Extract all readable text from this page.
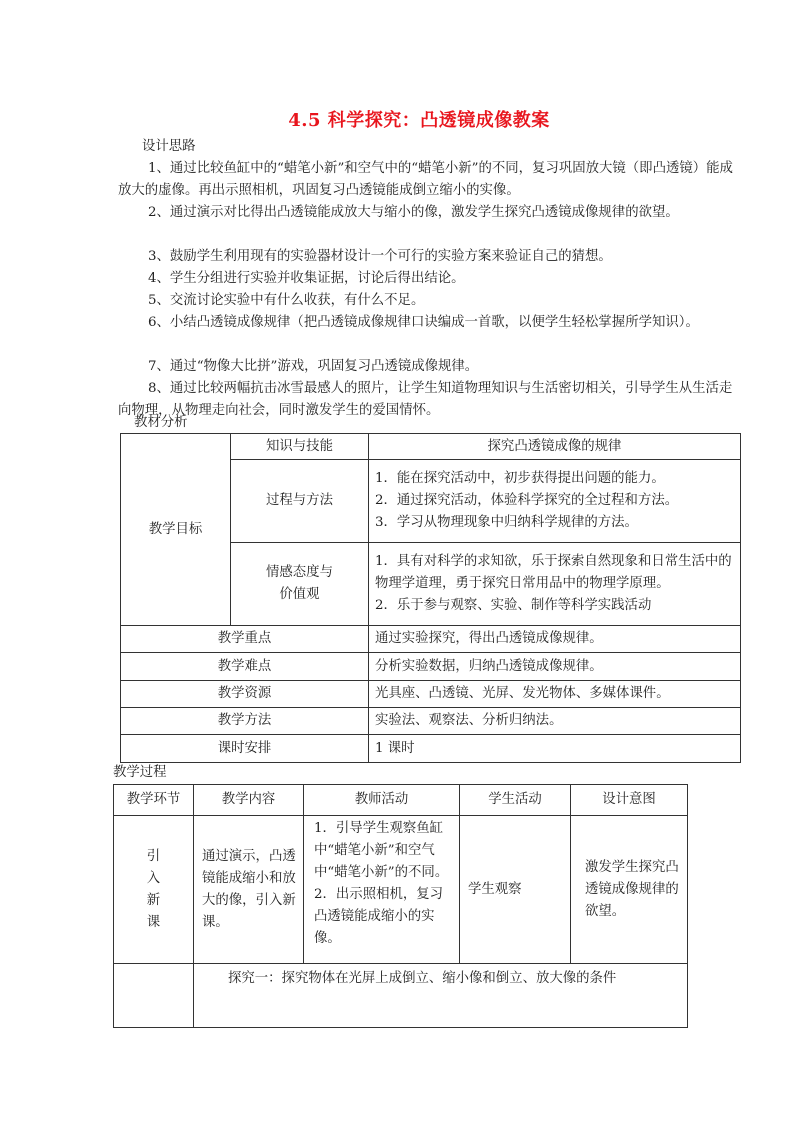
4.5 科学探究：凸透镜成像教案
设计思路

1、通过比较鱼缸中的“蜡笔小新”和空气中的“蜡笔小新”的不同，复习巩固放大镜（即凸透镜）能成放大的虚像。再出示照相机，巩固复习凸透镜能成倒立缩小的实像。

2、通过演示对比得出凸透镜能成放大与缩小的像，激发学生探究凸透镜成像规律的欲望。

3、鼓励学生利用现有的实验器材设计一个可行的实验方案来验证自己的猜想。

4、学生分组进行实验并收集证据，讨论后得出结论。

5、交流讨论实验中有什么收获，有什么不足。

6、小结凸透镜成像规律（把凸透镜成像规律口诀编成一首歌，以便学生轻松掌握所学知识）。

7、通过“物像大比拼”游戏，巩固复习凸透镜成像规律。

8、通过比较两幅抗击冰雪最感人的照片，让学生知道物理知识与生活密切相关，引导学生从生活走向物理，从物理走向社会，同时激发学生的爱国情怀。

教材分析
教学目标	知识与技能	探究凸透镜成像的规律
	过程与方法	1．能在探究活动中，初步获得提出问题的能力。
2．通过探究活动，体验科学探究的全过程和方法。
3．学习从物理现象中归纳科学规律的方法。

	情感态度与
价值观	1．具有对科学的求知欲，乐于探索自然现象和日常生活中的物理学道理，勇于探究日常用品中的物理学原理。
2．乐于参与观察、实验、制作等科学实践活动

教学重点		通过实验探究，得出凸透镜成像规律。
教学难点		分析实验数据，归纳凸透镜成像规律。
教学资源		光具座、凸透镜、光屏、发光物体、多媒体课件。
教学方法		实验法、观察法、分析归纳法。
课时安排		1 课时
教学过程
教学环节	教学内容	教师活动	学生活动	设计意图

引
入
新
课	通过演示，凸透镜能成缩小和放大的像，引入新课。	1．引导学生观察鱼缸中“蜡笔小新”和空气中“蜡笔小新”的不同。
2．出示照相机，复习凸透镜能成缩小的实像。	学生观察	激发学生探究凸透镜成像规律的欲望。
	探究一：探究物体在光屏上成倒立、缩小像和倒立、放大像的条件			
